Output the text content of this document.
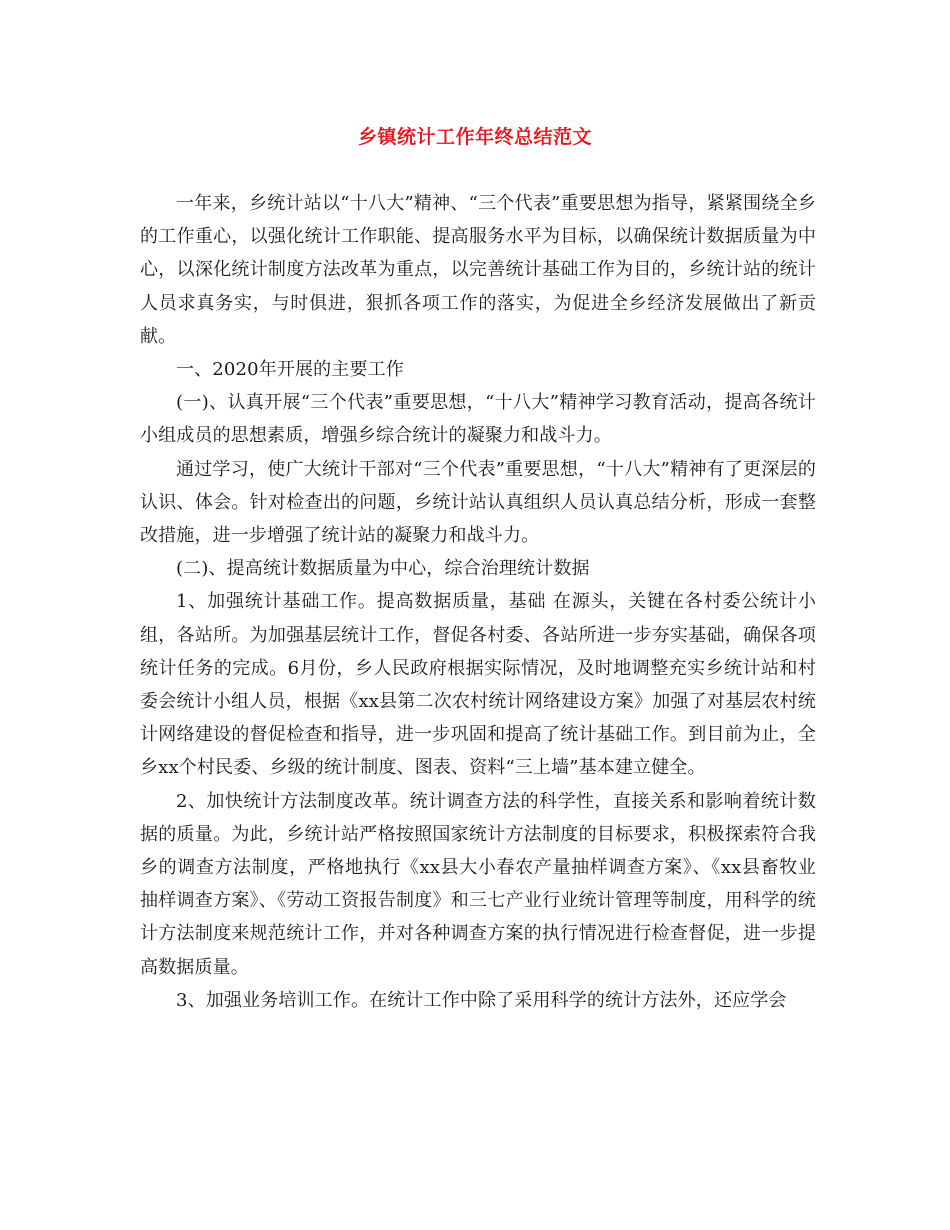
乡镇统计工作年终总结范文

一年来，乡统计站以“十八大”精神、“三个代表”重要思想为指导，紧紧围绕全乡的工作重心，以强化统计工作职能、提高服务水平为目标，以确保统计数据质量为中心，以深化统计制度方法改革为重点，以完善统计基础工作为目的，乡统计站的统计人员求真务实，与时俱进，狠抓各项工作的落实，为促进全乡经济发展做出了新贡献。

一、2020年开展的主要工作

(一)、认真开展“三个代表”重要思想，“十八大”精神学习教育活动，提高各统计小组成员的思想素质，增强乡综合统计的凝聚力和战斗力。

通过学习，使广大统计干部对“三个代表”重要思想，“十八大”精神有了更深层的认识、体会。针对检查出的问题，乡统计站认真组织人员认真总结分析，形成一套整改措施，进一步增强了统计站的凝聚力和战斗力。

(二)、提高统计数据质量为中心，综合治理统计数据

1、加强统计基础工作。提高数据质量，基础 在源头，关键在各村委公统计小组，各站所。为加强基层统计工作，督促各村委、各站所进一步夯实基础，确保各项统计任务的完成。6月份，乡人民政府根据实际情况，及时地调整充实乡统计站和村委会统计小组人员，根据《xx县第二次农村统计网络建设方案》加强了对基层农村统计网络建设的督促检查和指导，进一步巩固和提高了统计基础工作。到目前为止，全乡xx个村民委、乡级的统计制度、图表、资料“三上墙”基本建立健全。

2、加快统计方法制度改革。统计调查方法的科学性，直接关系和影响着统计数据的质量。为此，乡统计站严格按照国家统计方法制度的目标要求，积极探索符合我乡的调查方法制度，严格地执行《xx县大小春农产量抽样调查方案》、《xx县畜牧业抽样调查方案》、《劳动工资报告制度》和三七产业行业统计管理等制度，用科学的统计方法制度来规范统计工作，并对各种调查方案的执行情况进行检查督促，进一步提高数据质量。

3、加强业务培训工作。在统计工作中除了采用科学的统计方法外，还应学会
